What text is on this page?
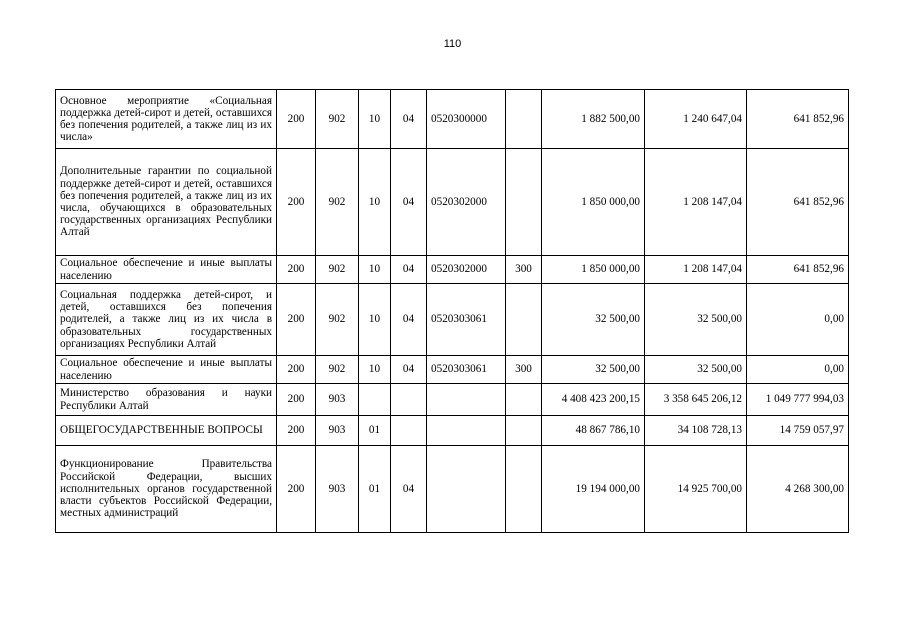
110
Основное мероприятие «Социальная поддержка детей-сирот и детей, оставшихся без попечения родителей, а также лиц из их числа»	200	902	10	04	0520300000		1 882 500,00	1 240 647,04	641 852,96
Дополнительные гарантии по социальной поддержке детей-сирот и детей, оставшихся без попечения родителей, а также лиц из их числа, обучающихся в образовательных государственных организациях Республики Алтай	200	902	10	04	0520302000		1 850 000,00	1 208 147,04	641 852,96
Социальное обеспечение и иные выплаты населению	200	902	10	04	0520302000	300	1 850 000,00	1 208 147,04	641 852,96
Социальная поддержка детей-сирот, и детей, оставшихся без попечения родителей, а также лиц из их числа в образовательных государственных организациях Республики Алтай	200	902	10	04	0520303061		32 500,00	32 500,00	0,00
Социальное обеспечение и иные выплаты населению	200	902	10	04	0520303061	300	32 500,00	32 500,00	0,00
Министерство образования и науки Республики Алтай	200	903					4 408 423 200,15	3 358 645 206,12	1 049 777 994,03
ОБЩЕГОСУДАРСТВЕННЫЕ ВОПРОСЫ	200	903	01				48 867 786,10	34 108 728,13	14 759 057,97
Функционирование Правительства Российской Федерации, высших исполнительных органов государственной власти субъектов Российской Федерации, местных администраций	200	903	01	04			19 194 000,00	14 925 700,00	4 268 300,00
